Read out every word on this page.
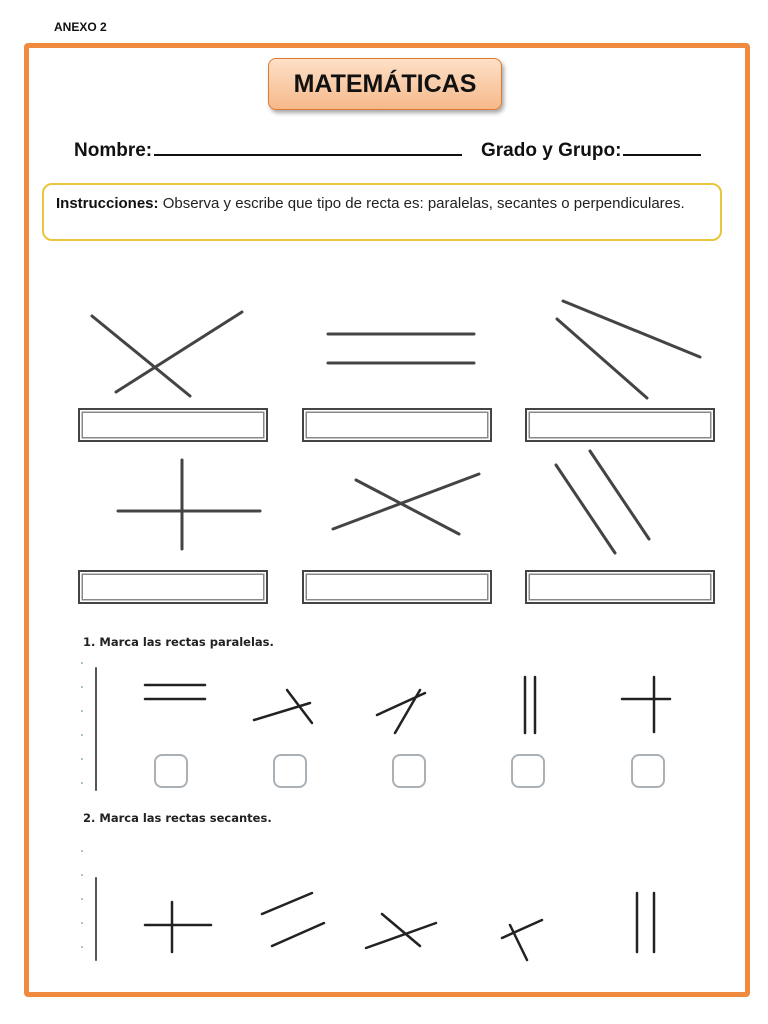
ANEXO 2
MATEMÁTICAS
Nombre:	Grado y Grupo:
Instrucciones: Observa y escribe que tipo de recta es: paralelas, secantes o perpendiculares.
1. Marca las rectas paralelas.
2. Marca las rectas secantes.
